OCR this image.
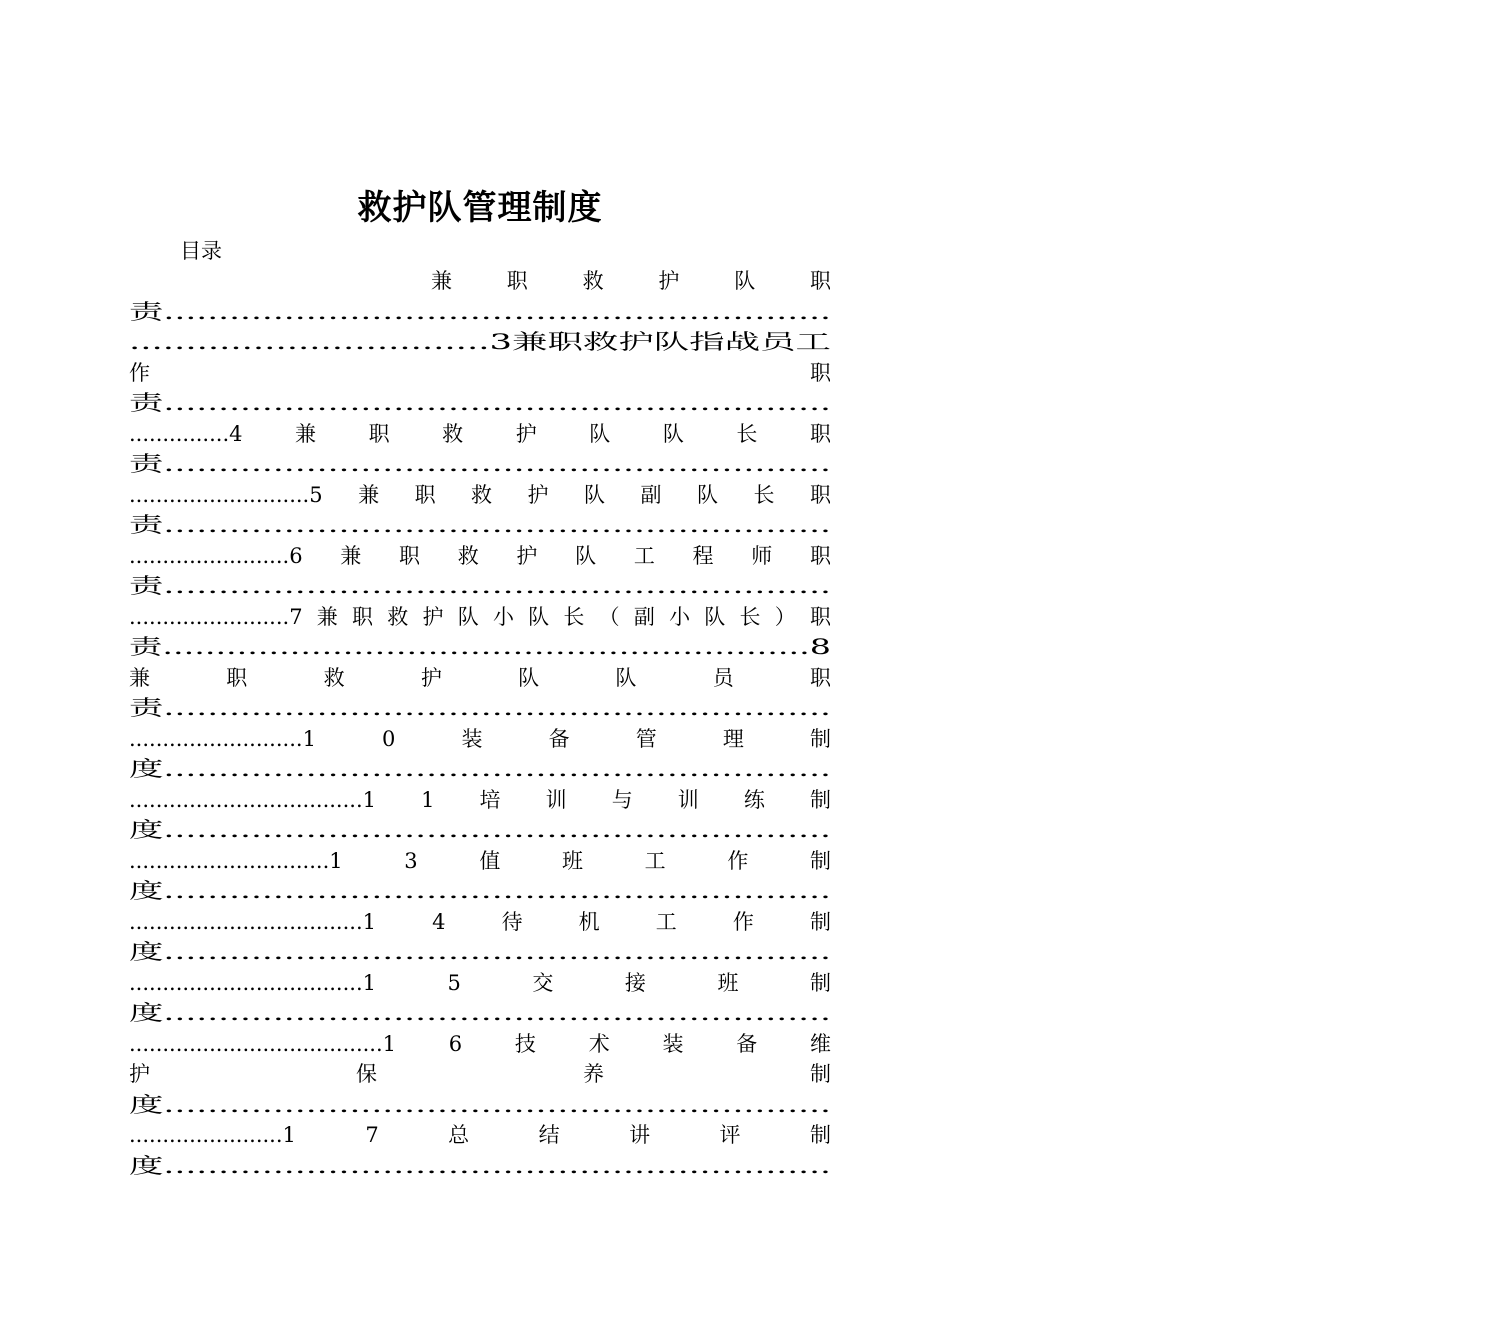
救护队管理制度
目录
兼职救护队职
责.............................................................
................................3兼职救护队指战员工
作职
责.............................................................
...............4兼职救护队队长职
责.............................................................
...........................5兼职救护队副队长职
责.............................................................
........................6兼职救护队工程师职
责.............................................................
........................7兼职救护队小队长（副小队长）职
责.............................................................8
兼职救护队队员职
责.............................................................
..........................10装备管理制
度.............................................................
...................................11培训与训练制
度.............................................................
..............................13值班工作制
度.............................................................
...................................14待机工作制
度.............................................................
...................................15交接班制
度.............................................................
......................................16技术装备维
护保养制
度.............................................................
.......................17总结讲评制
度.............................................................
